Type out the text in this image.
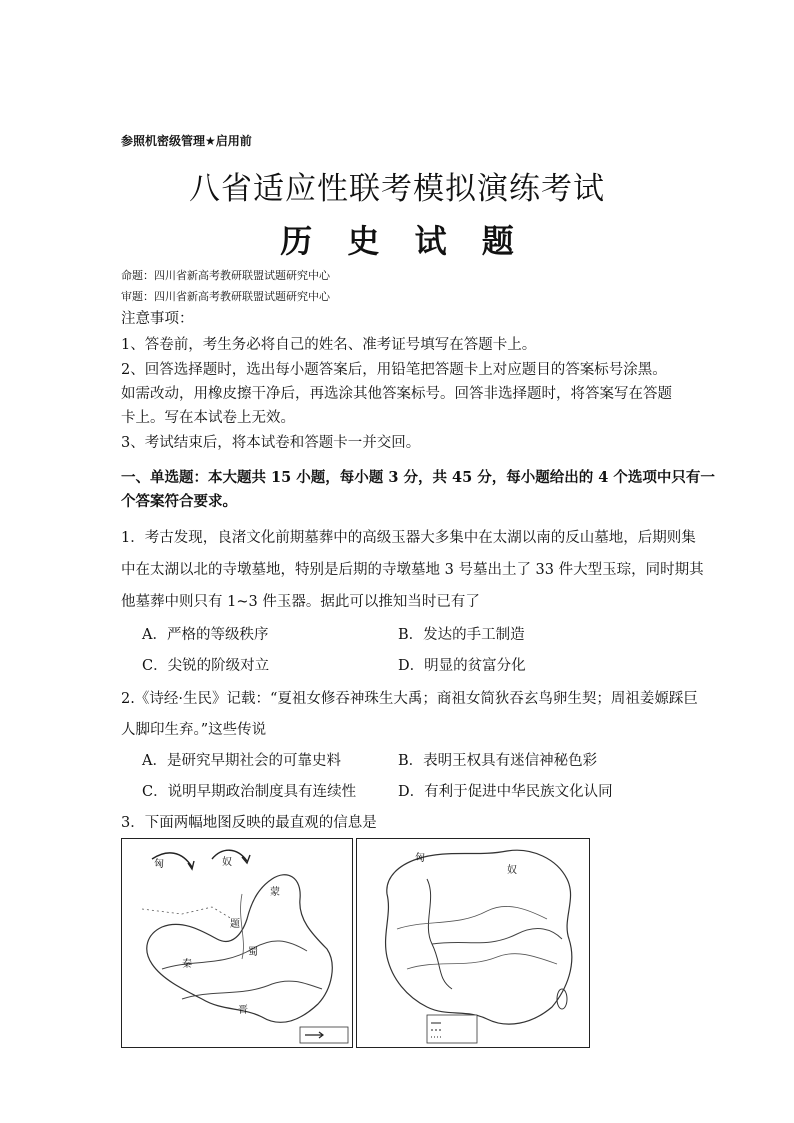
参照机密级管理★启用前

八省适应性联考模拟演练考试
历 史 试 题

命题：四川省新高考教研联盟试题研究中心

审题：四川省新高考教研联盟试题研究中心

注意事项：

1、答卷前，考生务必将自己的姓名、准考证号填写在答题卡上。

2、回答选择题时，选出每小题答案后，用铅笔把答题卡上对应题目的答案标号涂黑。

如需改动，用橡皮擦干净后，再选涂其他答案标号。回答非选择题时，将答案写在答题

卡上。写在本试卷上无效。

3、考试结束后，将本试卷和答题卡一并交回。

一、单选题：本大题共 15 小题，每小题 3 分，共 45 分，每小题给出的 4 个选项中只有一

个答案符合要求。

1．考古发现，良渚文化前期墓葬中的高级玉器大多集中在太湖以南的反山墓地，后期则集

中在太湖以北的寺墩墓地，特别是后期的寺墩墓地 3 号墓出土了 33 件大型玉琮，同时期其

他墓葬中则只有 1~3 件玉器。据此可以推知当时已有了

A．严格的等级秩序	B．发达的手工制造

C．尖锐的阶级对立	D．明显的贫富分化

2.《诗经·生民》记载：“夏祖女修吞神珠生大禹；商祖女简狄吞玄鸟卵生契；周祖姜嫄踩巨

人脚印生弃。”这些传说

A．是研究早期社会的可靠史料	B．表明王权具有迷信神秘色彩

C．说明早期政治制度具有连续性	D．有利于促进中华民族文化认同

3．下面两幅地图反映的最直观的信息是

匈	奴
蒙
题
蜀
秦
晋
匈
奴
